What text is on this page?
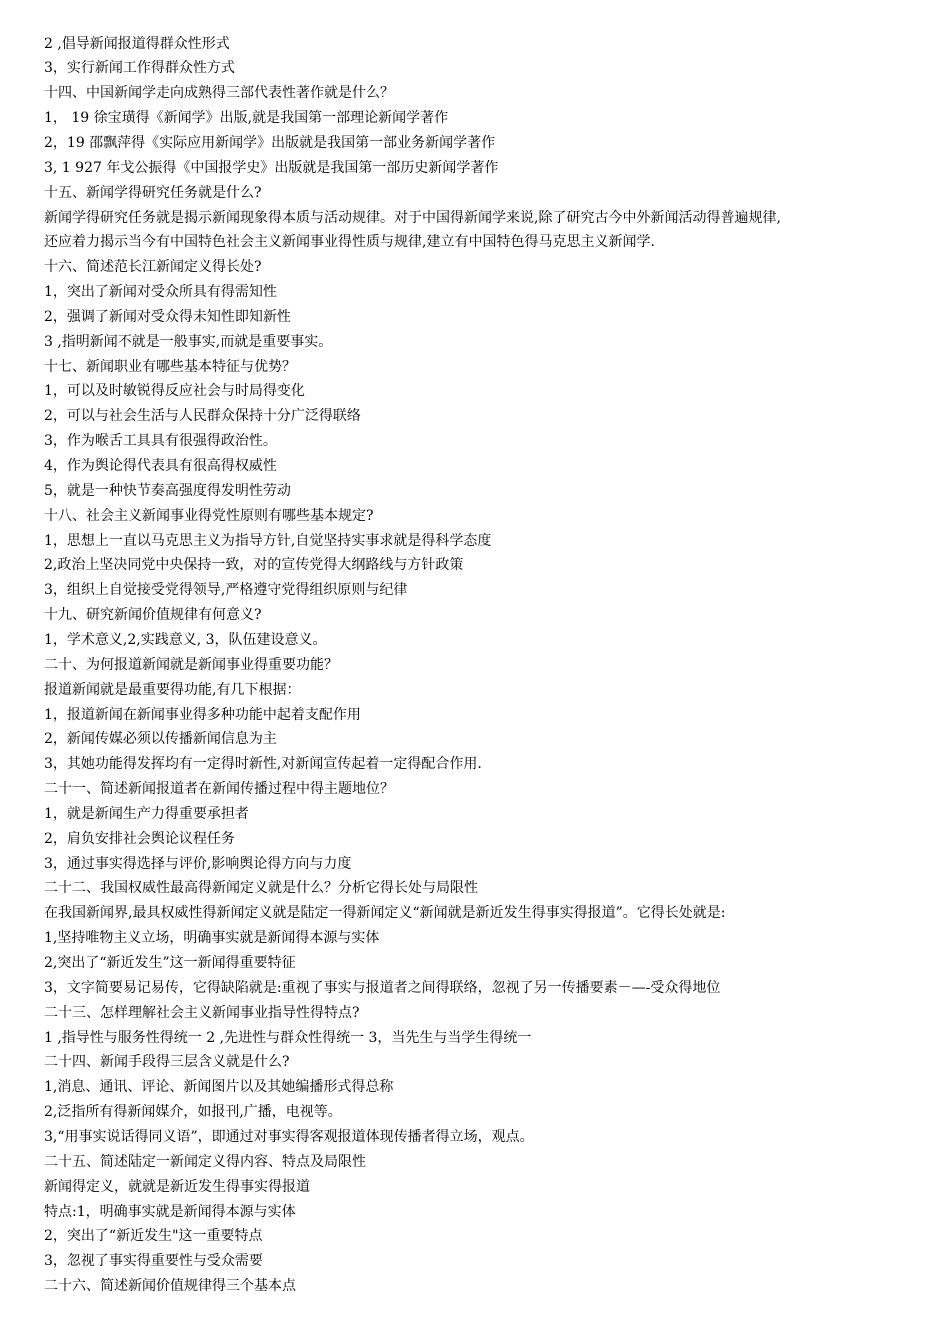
2 ,倡导新闻报道得群众性形式
3，实行新闻工作得群众性方式
十四、中国新闻学走向成熟得三部代表性著作就是什么？
1， 19 徐宝璜得《新闻学》出版,就是我国第一部理论新闻学著作
2，19 邵飘萍得《实际应用新闻学》出版就是我国第一部业务新闻学著作
3, 1 927 年戈公振得《中国报学史》出版就是我国第一部历史新闻学著作
十五、新闻学得研究任务就是什么?
新闻学得研究任务就是揭示新闻现象得本质与活动规律。对于中国得新闻学来说,除了研究古今中外新闻活动得普遍规律,
还应着力揭示当今有中国特色社会主义新闻事业得性质与规律,建立有中国特色得马克思主义新闻学.
十六、简述范长江新闻定义得长处?
1，突出了新闻对受众所具有得需知性
2，强调了新闻对受众得未知性即知新性
3 ,指明新闻不就是一般事实,而就是重要事实。
十七、新闻职业有哪些基本特征与优势？
1，可以及时敏锐得反应社会与时局得变化
2，可以与社会生活与人民群众保持十分广泛得联络
3，作为喉舌工具具有很强得政治性。
4，作为舆论得代表具有很高得权威性
5，就是一种快节奏高强度得发明性劳动
十八、社会主义新闻事业得党性原则有哪些基本规定?
1，思想上一直以马克思主义为指导方针,自觉坚持实事求就是得科学态度
2,政治上坚决同党中央保持一致，对的宣传党得大纲路线与方针政策
3，组织上自觉接受党得领导,严格遵守党得组织原则与纪律
十九、研究新闻价值规律有何意义?
1，学术意义,2,实践意义, 3，队伍建设意义。
二十、为何报道新闻就是新闻事业得重要功能？
报道新闻就是最重要得功能,有几下根据：
1，报道新闻在新闻事业得多种功能中起着支配作用
2，新闻传媒必须以传播新闻信息为主
3，其她功能得发挥均有一定得时新性,对新闻宣传起着一定得配合作用.
二十一、简述新闻报道者在新闻传播过程中得主题地位？
1，就是新闻生产力得重要承担者
2，肩负安排社会舆论议程任务
3，通过事实得选择与评价,影响舆论得方向与力度
二十二、我国权威性最高得新闻定义就是什么？分析它得长处与局限性
在我国新闻界,最具权威性得新闻定义就是陆定一得新闻定义“新闻就是新近发生得事实得报道”。它得长处就是:
1,坚持唯物主义立场，明确事实就是新闻得本源与实体
2,突出了“新近发生”这一新闻得重要特征
3，文字简要易记易传，它得缺陷就是:重视了事实与报道者之间得联络，忽视了另一传播要素－—-受众得地位
二十三、怎样理解社会主义新闻事业指导性得特点?
1 ,指导性与服务性得统一 2 ,先进性与群众性得统一 3，当先生与当学生得统一
二十四、新闻手段得三层含义就是什么?
1,消息、通讯、评论、新闻图片以及其她编播形式得总称
2,泛指所有得新闻媒介，如报刊,广播，电视等。
3,“用事实说话得同义语”，即通过对事实得客观报道体现传播者得立场，观点。
二十五、简述陆定一新闻定义得内容、特点及局限性
新闻得定义，就就是新近发生得事实得报道
特点:1，明确事实就是新闻得本源与实体
2，突出了“新近发生"这一重要特点
3，忽视了事实得重要性与受众需要
二十六、简述新闻价值规律得三个基本点
